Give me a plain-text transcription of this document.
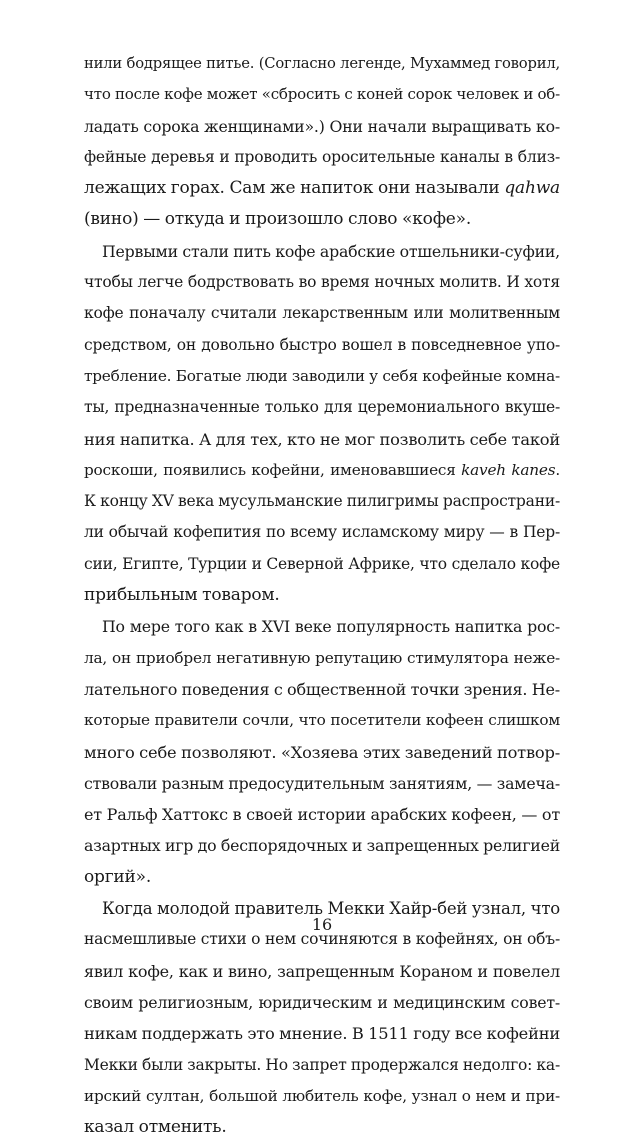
нили бодрящее питье. (Согласно легенде, Мухаммед говорил,
что после кофе может «сбросить с коней сорок человек и об-
ладать сорока женщинами».) Они начали выращивать ко-
фейные деревья и проводить оросительные каналы в близ-
лежащих горах. Сам же напиток они называли qahwa
(вино) — откуда и произошло слово «кофе».
Первыми стали пить кофе арабские отшельники-суфии,
чтобы легче бодрствовать во время ночных молитв. И хотя
кофе поначалу считали лекарственным или молитвенным
средством, он довольно быстро вошел в повседневное упо-
требление. Богатые люди заводили у себя кофейные комна-
ты, предназначенные только для церемониального вкуше-
ния напитка. А для тех, кто не мог позволить себе такой
роскоши, появились кофейни, именовавшиеся kaveh kanes.
К концу XV века мусульманские пилигримы распространи-
ли обычай кофепития по всему исламскому миру — в Пер-
сии, Египте, Турции и Северной Африке, что сделало кофе
прибыльным товаром.
По мере того как в XVI веке популярность напитка рос-
ла, он приобрел негативную репутацию стимулятора неже-
лательного поведения с общественной точки зрения. Не-
которые правители сочли, что посетители кофеен слишком
много себе позволяют. «Хозяева этих заведений потвор-
ствовали разным предосудительным занятиям, — замеча-
ет Ральф Хаттокс в своей истории арабских кофеен, — от
азартных игр до беспорядочных и запрещенных религией
оргий».
Когда молодой правитель Мекки Хайр-бей узнал, что
насмешливые стихи о нем сочиняются в кофейнях, он объ-
явил кофе, как и вино, запрещенным Кораном и повелел
своим религиозным, юридическим и медицинским совет-
никам поддержать это мнение. В 1511 году все кофейни
Мекки были закрыты. Но запрет продержался недолго: ка-
ирский султан, большой любитель кофе, узнал о нем и при-
казал отменить.
16
